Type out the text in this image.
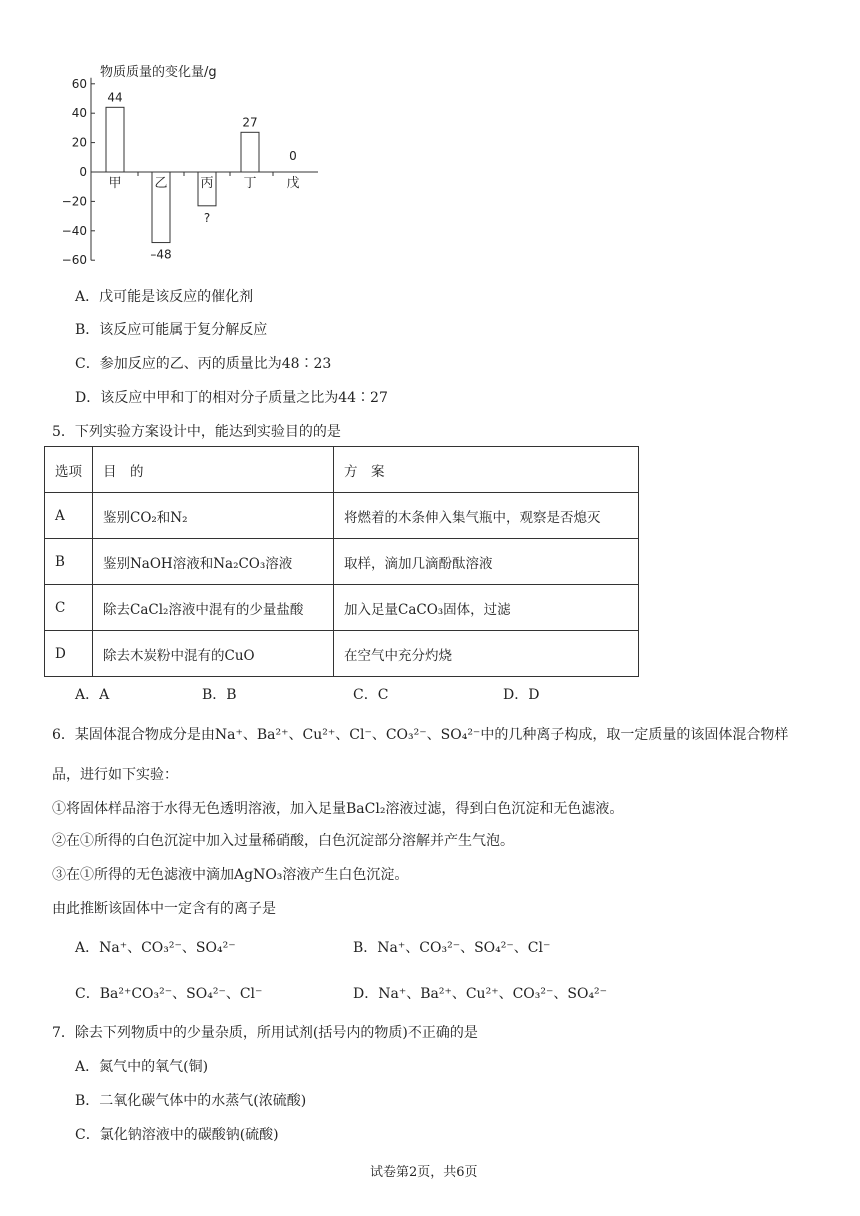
物质质量的变化量/g
60
40
20
0
−20
−40
−60
甲
44
乙
–48
丙
?
丁
27
戊
0
A．戊可能是该反应的催化剂
B．该反应可能属于复分解反应
C．参加反应的乙、丙的质量比为48∶23
D．该反应中甲和丁的相对分子质量之比为44∶27
5．下列实验方案设计中，能达到实验目的的是
选项	目　的	方　案
A	鉴别CO₂和N₂	将燃着的木条伸入集气瓶中，观察是否熄灭
B	鉴别NaOH溶液和Na₂CO₃溶液	取样，滴加几滴酚酞溶液
C	除去CaCl₂溶液中混有的少量盐酸	加入足量CaCO₃固体，过滤
D	除去木炭粉中混有的CuO	在空气中充分灼烧
A．A	B．B	C．C	D．D
6．某固体混合物成分是由Na⁺、Ba²⁺、Cu²⁺、Cl⁻、CO₃²⁻、SO₄²⁻中的几种离子构成，取一定质量的该固体混合物样
品，进行如下实验：
①将固体样品溶于水得无色透明溶液，加入足量BaCl₂溶液过滤，得到白色沉淀和无色滤液。
②在①所得的白色沉淀中加入过量稀硝酸，白色沉淀部分溶解并产生气泡。
③在①所得的无色滤液中滴加AgNO₃溶液产生白色沉淀。
由此推断该固体中一定含有的离子是
A．Na⁺、CO₃²⁻、SO₄²⁻	B．Na⁺、CO₃²⁻、SO₄²⁻、Cl⁻
C．Ba²⁺CO₃²⁻、SO₄²⁻、Cl⁻	D．Na⁺、Ba²⁺、Cu²⁺、CO₃²⁻、SO₄²⁻
7．除去下列物质中的少量杂质，所用试剂(括号内的物质)不正确的是
A．氮气中的氧气(铜)
B．二氧化碳气体中的水蒸气(浓硫酸)
C．氯化钠溶液中的碳酸钠(硫酸)
试卷第2页，共6页
